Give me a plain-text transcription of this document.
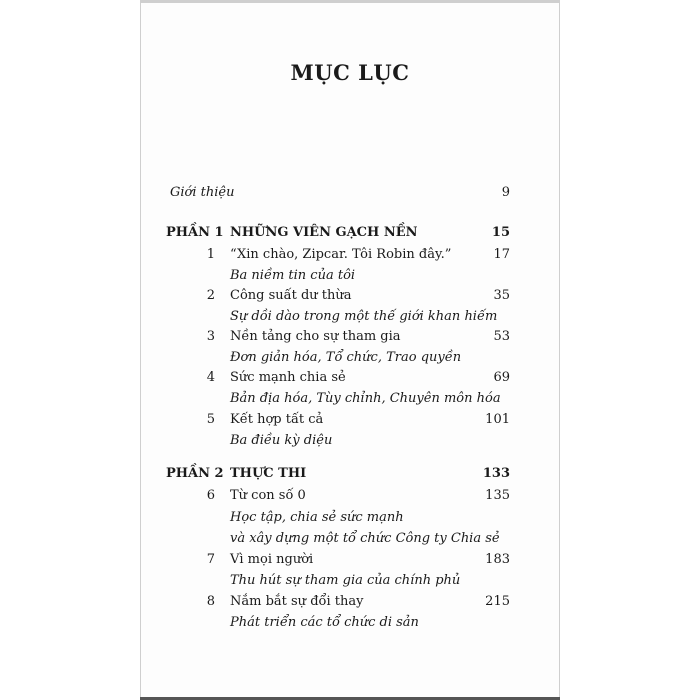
MỤC LỤC
Giới thiệu	9
PHẦN 1 NHỮNG VIÊN GẠCH NỀN	15
1 “Xin chào, Zipcar. Tôi Robin đây.”	17
Ba niềm tin của tôi
2 Công suất dư thừa	35
Sự dồi dào trong một thế giới khan hiếm
3 Nền tảng cho sự tham gia	53
Đơn giản hóa, Tổ chức, Trao quyền
4 Sức mạnh chia sẻ	69
Bản địa hóa, Tùy chỉnh, Chuyên môn hóa
5 Kết hợp tất cả	101
Ba điều kỳ diệu
PHẦN 2 THỰC THI	133
6 Từ con số 0	135
Học tập, chia sẻ sức mạnh
và xây dựng một tổ chức Công ty Chia sẻ
7 Vì mọi người	183
Thu hút sự tham gia của chính phủ
8 Nắm bắt sự đổi thay	215
Phát triển các tổ chức di sản
